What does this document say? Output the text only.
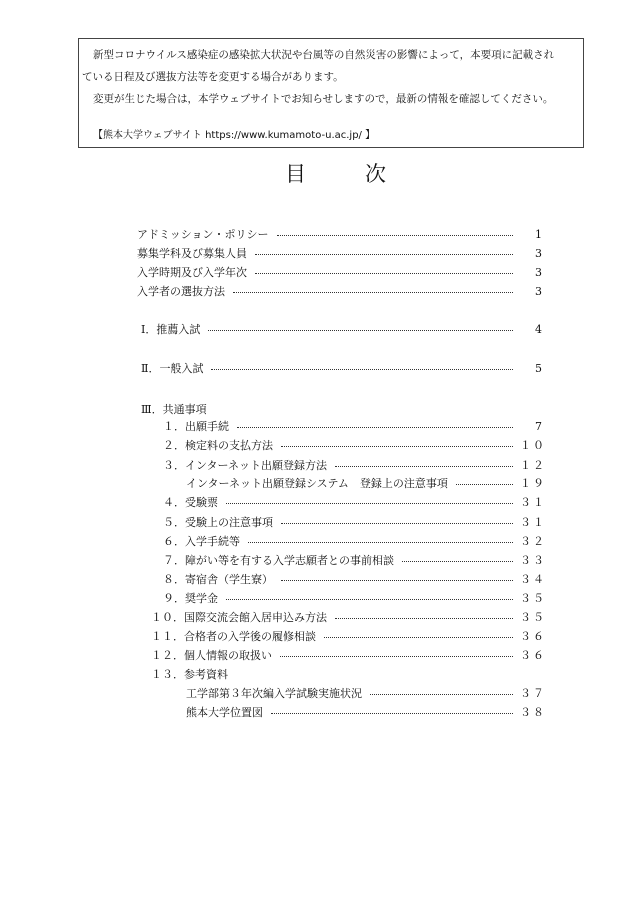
新型コロナウイルス感染症の感染拡大状況や台風等の自然災害の影響によって，本要項に記載され
ている日程及び選抜方法等を変更する場合があります。
変更が生じた場合は，本学ウェブサイトでお知らせしますので，最新の情報を確認してください。
【熊本大学ウェブサイト https://www.kumamoto-u.ac.jp/ 】
目	次
アドミッション・ポリシー	1
募集学科及び募集人員	3
入学時期及び入学年次	3
入学者の選抜方法	3
Ⅰ．推薦入試	4
Ⅱ．一般入試	5
Ⅲ．共通事項
１．出願手続	7
２．検定料の支払方法	１０
３．インターネット出願登録方法	１２
インターネット出願登録システム　登録上の注意事項	１９
４．受験票	３１
５．受験上の注意事項	３１
６．入学手続等	３２
７．障がい等を有する入学志願者との事前相談	３３
８．寄宿舎（学生寮）	３４
９．奨学金	３５
１０．国際交流会館入居申込み方法	３５
１１．合格者の入学後の履修相談	３６
１２．個人情報の取扱い	３６
１３．参考資料
工学部第３年次編入学試験実施状況	３７
熊本大学位置図	３８
